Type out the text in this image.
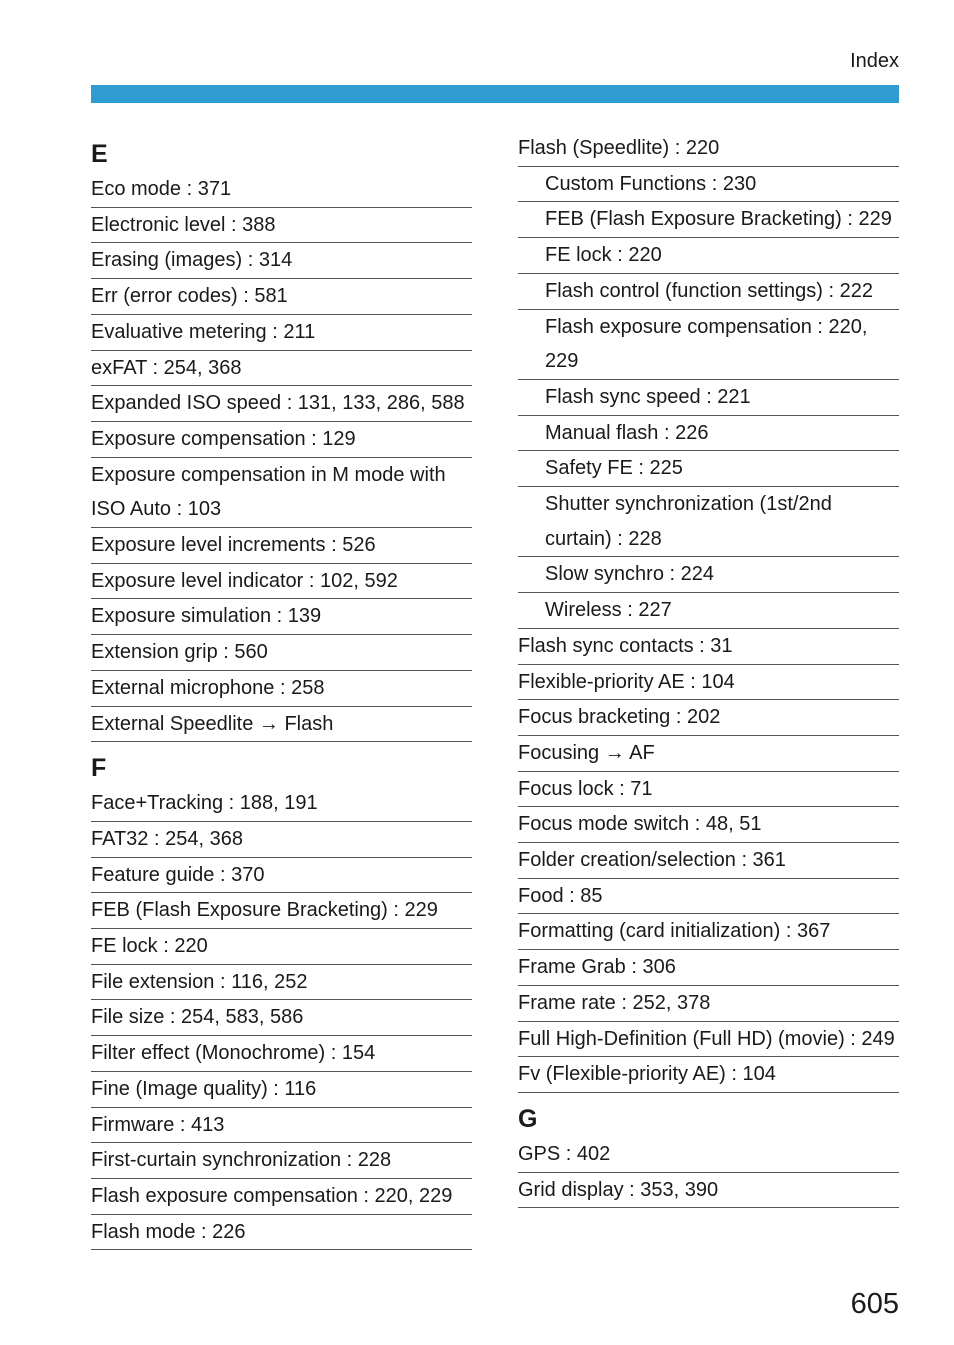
Index
E
Eco mode : 371
Electronic level : 388
Erasing (images) : 314
Err (error codes) : 581
Evaluative metering : 211
exFAT : 254, 368
Expanded ISO speed : 131, 133, 286, 588
Exposure compensation : 129
Exposure compensation in M mode with ISO Auto : 103
Exposure level increments : 526
Exposure level indicator : 102, 592
Exposure simulation : 139
Extension grip : 560
External microphone : 258
External Speedlite → Flash
F
Face+Tracking : 188, 191
FAT32 : 254, 368
Feature guide : 370
FEB (Flash Exposure Bracketing) : 229
FE lock : 220
File extension : 116, 252
File size : 254, 583, 586
Filter effect (Monochrome) : 154
Fine (Image quality) : 116
Firmware : 413
First-curtain synchronization : 228
Flash exposure compensation : 220, 229
Flash mode : 226
Flash (Speedlite) : 220
Custom Functions : 230
FEB (Flash Exposure Bracketing) : 229
FE lock : 220
Flash control (function settings) : 222
Flash exposure compensation : 220, 229
Flash sync speed : 221
Manual flash : 226
Safety FE : 225
Shutter synchronization (1st/2nd curtain) : 228
Slow synchro : 224
Wireless : 227
Flash sync contacts : 31
Flexible-priority AE : 104
Focus bracketing : 202
Focusing → AF
Focus lock : 71
Focus mode switch : 48, 51
Folder creation/selection : 361
Food : 85
Formatting (card initialization) : 367
Frame Grab : 306
Frame rate : 252, 378
Full High-Definition (Full HD) (movie) : 249
Fv (Flexible-priority AE) : 104
G
GPS : 402
Grid display : 353, 390
605
